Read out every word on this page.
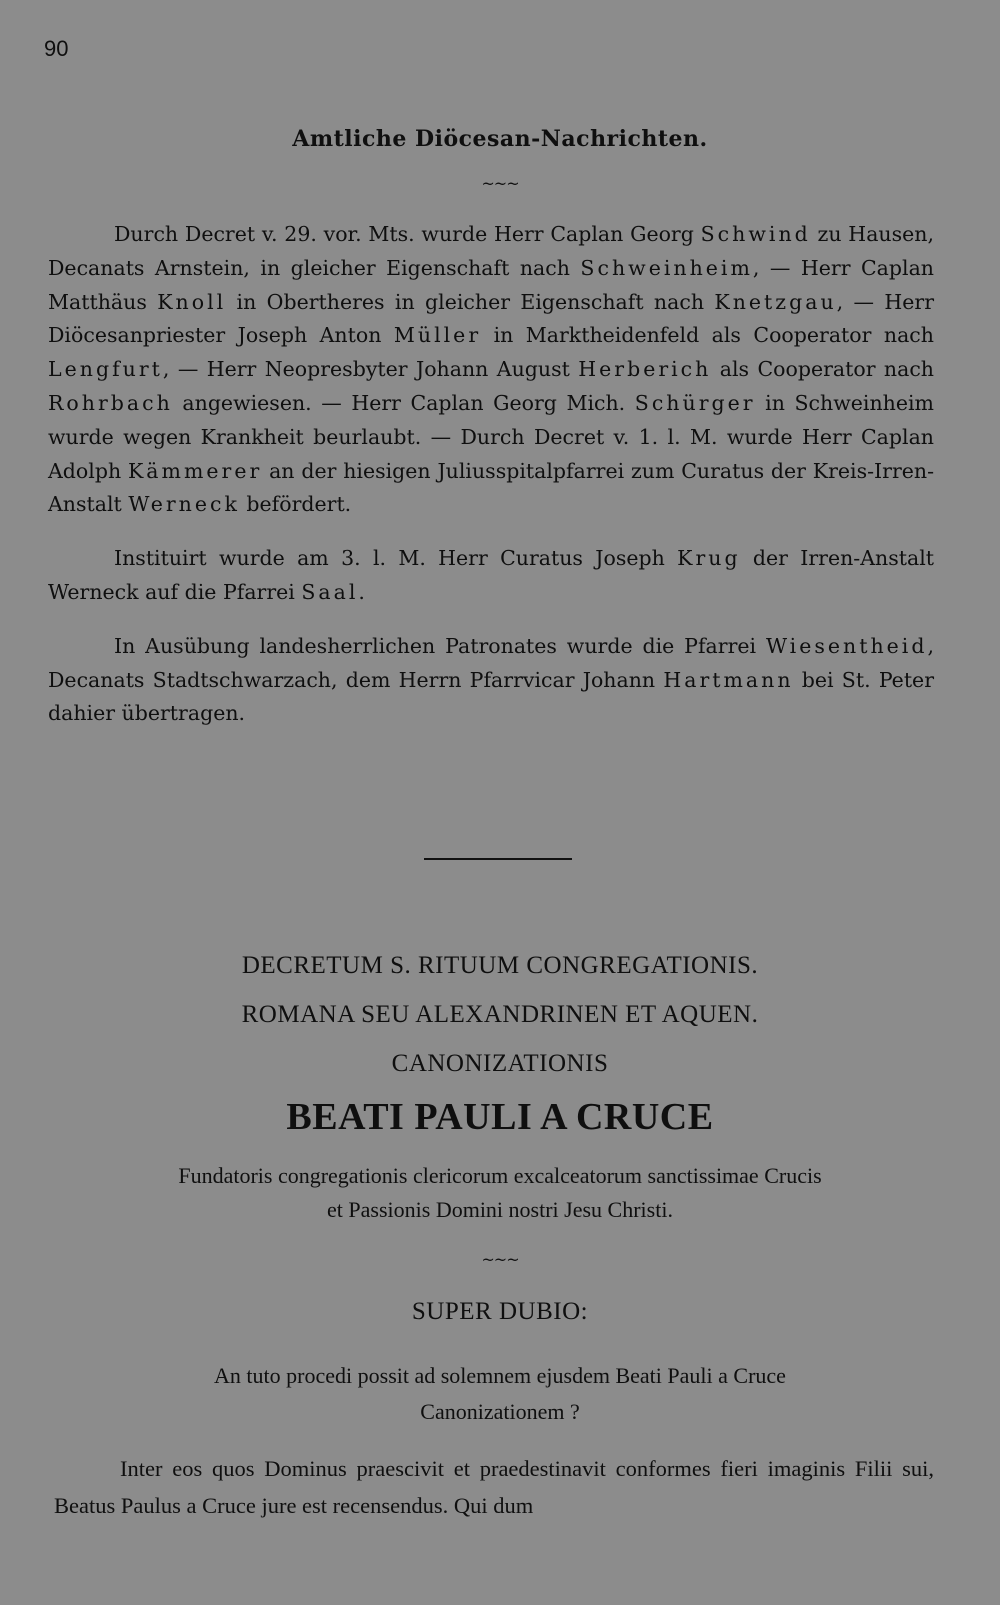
90
Amtliche Diöcesan-Nachrichten.
~~~

Durch Decret v. 29. vor. Mts. wurde Herr Caplan Georg Schwind zu Hausen, Decanats Arnstein, in gleicher Eigenschaft nach Schweinheim, — Herr Caplan Matthäus Knoll in Obertheres in gleicher Eigenschaft nach Knetzgau, — Herr Diöcesanpriester Joseph Anton Müller in Marktheidenfeld als Cooperator nach Lengfurt, — Herr Neopresbyter Johann August Herberich als Cooperator nach Rohrbach angewiesen. — Herr Caplan Georg Mich. Schürger in Schweinheim wurde wegen Krankheit beurlaubt. — Durch Decret v. 1. l. M. wurde Herr Caplan Adolph Kämmerer an der hiesigen Juliusspitalpfarrei zum Curatus der Kreis-Irren-Anstalt Werneck befördert.

Instituirt wurde am 3. l. M. Herr Curatus Joseph Krug der Irren-Anstalt Werneck auf die Pfarrei Saal.

In Ausübung landesherrlichen Patronates wurde die Pfarrei Wiesentheid, Decanats Stadtschwarzach, dem Herrn Pfarrvicar Johann Hartmann bei St. Peter dahier übertragen.

DECRETUM S. RITUUM CONGREGATIONIS.
ROMANA SEU ALEXANDRINEN ET AQUEN.
CANONIZATIONIS
BEATI PAULI A CRUCE
Fundatoris congregationis clericorum excalceatorum sanctissimae Crucis
et Passionis Domini nostri Jesu Christi.
~~~
SUPER DUBIO:
An tuto procedi possit ad solemnem ejusdem Beati Pauli a Cruce
Canonizationem ?

Inter eos quos Dominus praescivit et praedestinavit conformes fieri imaginis Filii sui, Beatus Paulus a Cruce jure est recensendus. Qui dum
